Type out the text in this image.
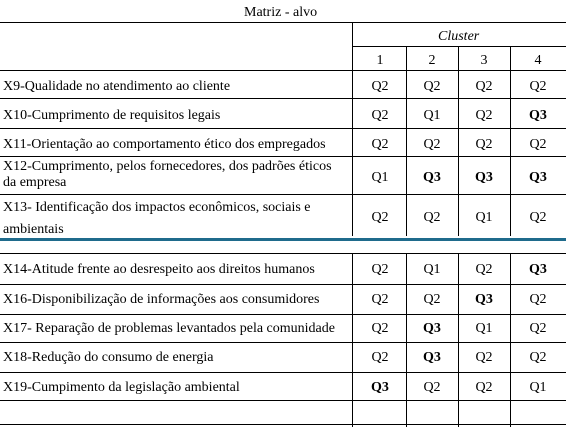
Matriz - alvo
Cluster
1	2	3	4
X9-Qualidade no atendimento ao cliente	Q2	Q2	Q2	Q2
X10-Cumprimento de requisitos legais	Q2	Q1	Q2	Q3
X11-Orientação ao comportamento ético dos empregados	Q2	Q2	Q2	Q2
X12-Cumprimento, pelos fornecedores, dos padrões éticos
da empresa	Q1	Q3	Q3	Q3
X13- Identificação dos impactos econômicos, sociais e
ambientais
Q2	Q2	Q1	Q2
X14-Atitude frente ao desrespeito aos direitos humanos	Q2	Q1	Q2	Q3
X16-Disponibilização de informações aos consumidores	Q2	Q2	Q3	Q2
X17- Reparação de problemas levantados pela comunidade	Q2	Q3	Q1	Q2
X18-Redução do consumo de energia	Q2	Q3	Q2	Q2
X19-Cumpimento da legislação ambiental	Q3	Q2	Q2	Q1
